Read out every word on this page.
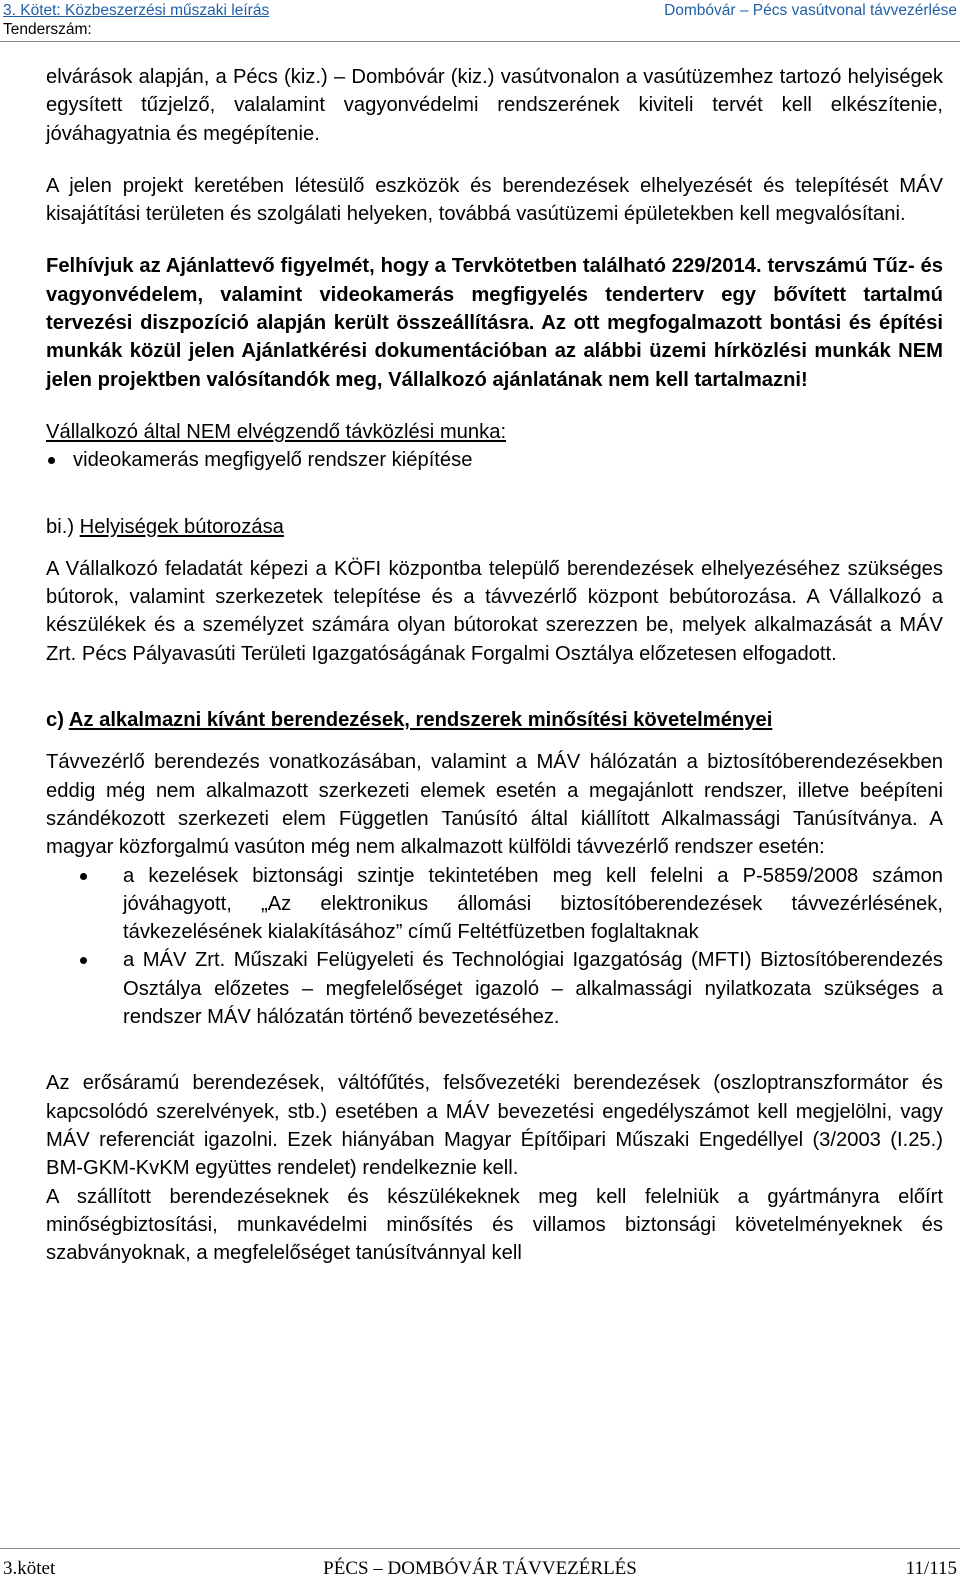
3. Kötet: Közbeszerzési műszaki leírás
Tenderszám:
Dombóvár – Pécs vasútvonal távvezérlése

elvárások alapján, a Pécs (kiz.) – Dombóvár (kiz.) vasútvonalon a vasútüzemhez tartozó helyiségek egysített tűzjelző, valalamint vagyonvédelmi rendszerének kiviteli tervét kell elkészítenie, jóváhagyatnia és megépítenie.

A jelen projekt keretében létesülő eszközök és berendezések elhelyezését és telepítését MÁV kisajátítási területen és szolgálati helyeken, továbbá vasútüzemi épületekben kell megvalósítani.

Felhívjuk az Ajánlattevő figyelmét, hogy a Tervkötetben található 229/2014. tervszámú Tűz- és vagyonvédelem, valamint videokamerás megfigyelés tenderterv egy bővített tartalmú tervezési diszpozíció alapján került összeállításra. Az ott megfogalmazott bontási és építési munkák közül jelen Ajánlatkérési dokumentációban az alábbi üzemi hírközlési munkák NEM jelen projektben valósítandók meg, Vállalkozó ajánlatának nem kell tartalmazni!

Vállalkozó által NEM elvégzendő távközlési munka:

videokamerás megfigyelő rendszer kiépítése

bi.) Helyiségek bútorozása

A Vállalkozó feladatát képezi a KÖFI központba települő berendezések elhelyezéséhez szükséges bútorok, valamint szerkezetek telepítése és a távvezérlő központ bebútorozása. A Vállalkozó a készülékek és a személyzet számára olyan bútorokat szerezzen be, melyek alkalmazását a MÁV Zrt. Pécs Pályavasúti Területi Igazgatóságának Forgalmi Osztálya előzetesen elfogadott.

c) Az alkalmazni kívánt berendezések, rendszerek minősítési követelményei

Távvezérlő berendezés vonatkozásában, valamint a MÁV hálózatán a biztosítóberendezésekben eddig még nem alkalmazott szerkezeti elemek esetén a megajánlott rendszer, illetve beépíteni szándékozott szerkezeti elem Független Tanúsító által kiállított Alkalmassági Tanúsítványa. A magyar közforgalmú vasúton még nem alkalmazott külföldi távvezérlő rendszer esetén:

a kezelések biztonsági szintje tekintetében meg kell felelni a P-5859/2008 számon jóváhagyott, „Az elektronikus állomási biztosítóberendezések távvezérlésének, távkezelésének kialakításához” című Feltétfüzetben foglaltaknak
a MÁV Zrt. Műszaki Felügyeleti és Technológiai Igazgatóság (MFTI) Biztosítóberendezés Osztálya előzetes – megfelelőséget igazoló – alkalmassági nyilatkozata szükséges a rendszer MÁV hálózatán történő bevezetéséhez.

Az erősáramú berendezések, váltófűtés, felsővezetéki berendezések (oszloptranszformátor és kapcsolódó szerelvények, stb.) esetében a MÁV bevezetési engedélyszámot kell megjelölni, vagy MÁV referenciát igazolni. Ezek hiányában Magyar Építőipari Műszaki Engedéllyel (3/2003 (I.25.) BM-GKM-KvKM együttes rendelet) rendelkeznie kell.

A szállított berendezéseknek és készülékeknek meg kell felelniük a gyártmányra előírt minőségbiztosítási, munkavédelmi minősítés és villamos biztonsági követelményeknek és szabványoknak, a megfelelőséget tanúsítvánnyal kell

PÉCS – DOMBÓVÁR TÁVVEZÉRLÉS
3.kötet	11/115
